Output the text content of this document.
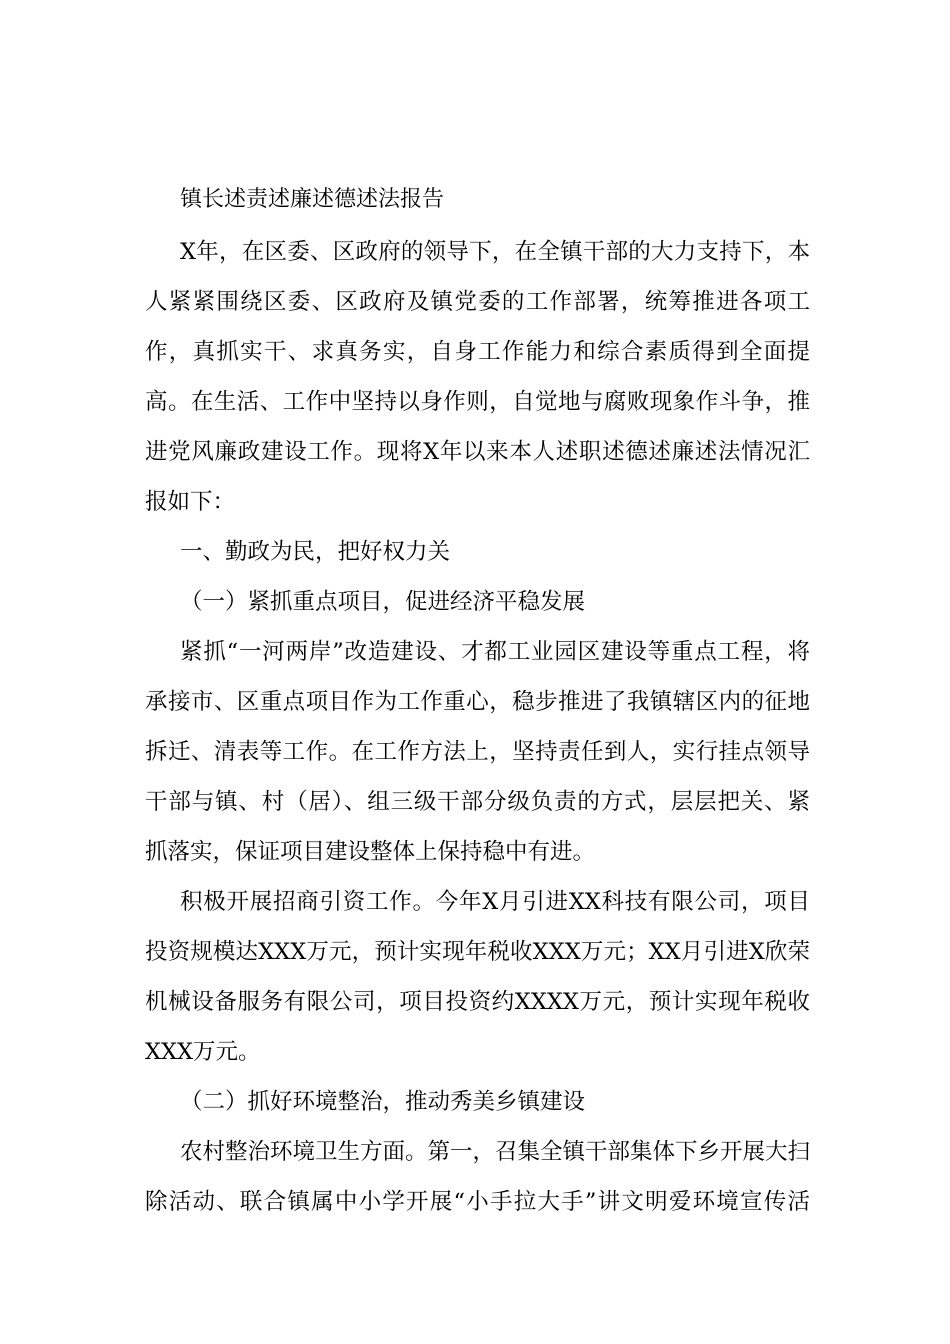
镇长述责述廉述德述法报告
X年，在区委、区政府的领导下，在全镇干部的大力支持下，本
人紧紧围绕区委、区政府及镇党委的工作部署，统筹推进各项工
作，真抓实干、求真务实，自身工作能力和综合素质得到全面提
高。在生活、工作中坚持以身作则，自觉地与腐败现象作斗争，推
进党风廉政建设工作。现将X年以来本人述职述德述廉述法情况汇
报如下：
一、勤政为民，把好权力关
（一）紧抓重点项目，促进经济平稳发展
紧抓“一河两岸”改造建设、才都工业园区建设等重点工程，将
承接市、区重点项目作为工作重心，稳步推进了我镇辖区内的征地
拆迁、清表等工作。在工作方法上，坚持责任到人，实行挂点领导
干部与镇、村（居）、组三级干部分级负责的方式，层层把关、紧
抓落实，保证项目建设整体上保持稳中有进。
积极开展招商引资工作。今年X月引进XX科技有限公司，项目
投资规模达XXX万元，预计实现年税收XXX万元；XX月引进X欣荣
机械设备服务有限公司，项目投资约XXXX万元，预计实现年税收
XXX万元。
（二）抓好环境整治，推动秀美乡镇建设
农村整治环境卫生方面。第一，召集全镇干部集体下乡开展大扫
除活动、联合镇属中小学开展“小手拉大手”讲文明爱环境宣传活
